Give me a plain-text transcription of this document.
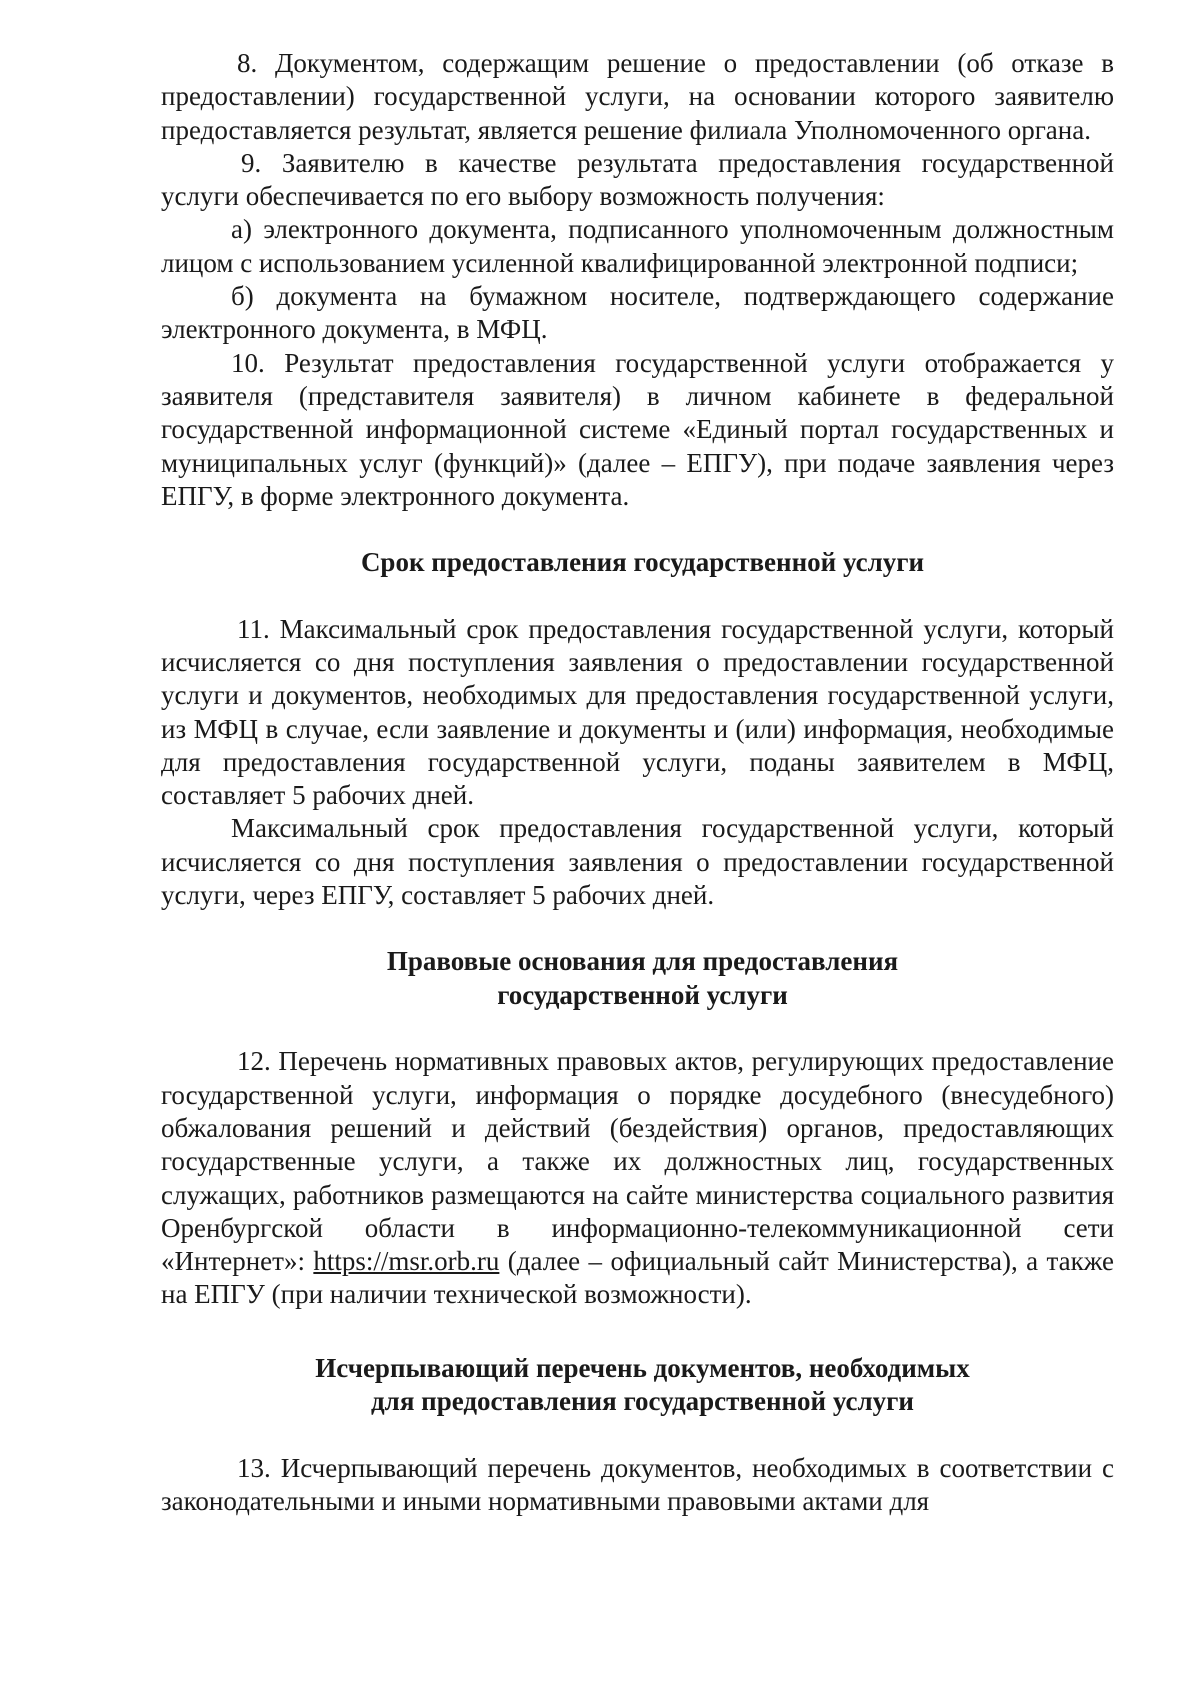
8. Документом, содержащим решение о предоставлении (об отказе в предоставлении) государственной услуги, на основании которого заявителю предоставляется результат, является решение филиала Уполномоченного органа.

9. Заявителю в качестве результата предоставления государственной услуги обеспечивается по его выбору возможность получения:

а) электронного документа, подписанного уполномоченным должностным лицом с использованием усиленной квалифицированной электронной подписи;

б) документа на бумажном носителе, подтверждающего содержание электронного документа, в МФЦ.

10. Результат предоставления государственной услуги отображается у заявителя (представителя заявителя) в личном кабинете в федеральной государственной информационной системе «Единый портал государственных и муниципальных услуг (функций)» (далее – ЕПГУ), при подаче заявления через ЕПГУ, в форме электронного документа.

Срок предоставления государственной услуги

11. Максимальный срок предоставления государственной услуги, который исчисляется со дня поступления заявления о предоставлении государственной услуги и документов, необходимых для предоставления государственной услуги, из МФЦ в случае, если заявление и документы и (или) информация, необходимые для предоставления государственной услуги, поданы заявителем в МФЦ, составляет 5 рабочих дней.

Максимальный срок предоставления государственной услуги, который исчисляется со дня поступления заявления о предоставлении государственной услуги, через ЕПГУ, составляет 5 рабочих дней.

Правовые основания для предоставления

государственной услуги

12. Перечень нормативных правовых актов, регулирующих предоставление государственной услуги, информация о порядке досудебного (внесудебного) обжалования решений и действий (бездействия) органов, предоставляющих государственные услуги, а также их должностных лиц, государственных служащих, работников размещаются на сайте министерства социального развития Оренбургской области в информационно-телекоммуникационной сети «Интернет»: https://msr.orb.ru (далее – официальный сайт Министерства), а также на ЕПГУ (при наличии технической возможности).

Исчерпывающий перечень документов, необходимых

для предоставления государственной услуги

13. Исчерпывающий перечень документов, необходимых в соответствии с законодательными и иными нормативными правовыми актами для
